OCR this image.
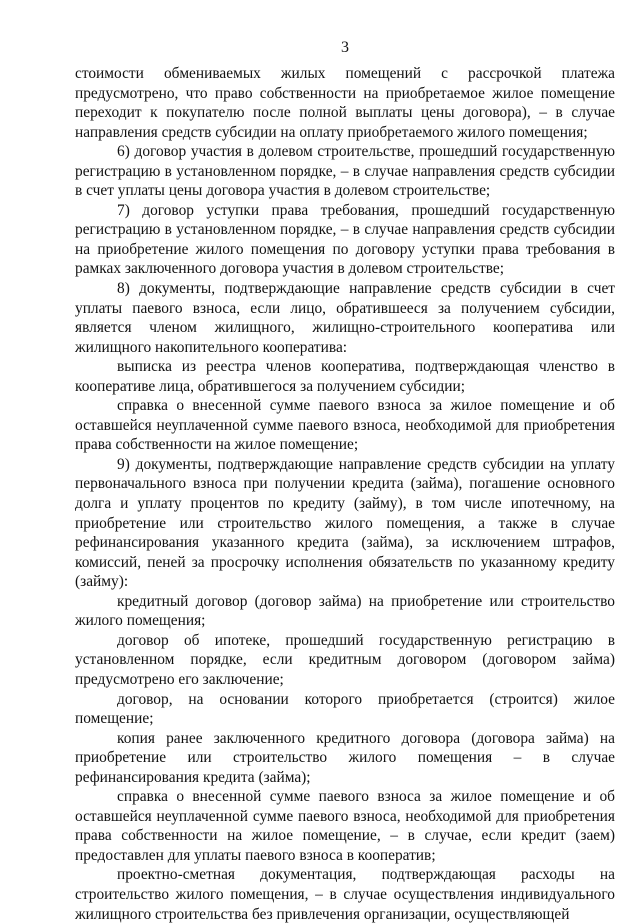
3

стоимости обмениваемых жилых помещений с рассрочкой платежа предусмотрено, что право собственности на приобретаемое жилое помещение переходит к покупателю после полной выплаты цены договора), – в случае направления средств субсидии на оплату приобретаемого жилого помещения;

6) договор участия в долевом строительстве, прошедший государственную регистрацию в установленном порядке, – в случае направления средств субсидии в счет уплаты цены договора участия в долевом строительстве;

7) договор уступки права требования, прошедший государственную регистрацию в установленном порядке, – в случае направления средств субсидии на приобретение жилого помещения по договору уступки права требования в рамках заключенного договора участия в долевом строительстве;

8) документы, подтверждающие направление средств субсидии в счет уплаты паевого взноса, если лицо, обратившееся за получением субсидии, является членом жилищного, жилищно-строительного кооператива или жилищного накопительного кооператива:

выписка из реестра членов кооператива, подтверждающая членство в кооперативе лица, обратившегося за получением субсидии;

справка о внесенной сумме паевого взноса за жилое помещение и об оставшейся неуплаченной сумме паевого взноса, необходимой для приобретения права собственности на жилое помещение;

9) документы, подтверждающие направление средств субсидии на уплату первоначального взноса при получении кредита (займа), погашение основного долга и уплату процентов по кредиту (займу), в том числе ипотечному, на приобретение или строительство жилого помещения, а также в случае рефинансирования указанного кредита (займа), за исключением штрафов, комиссий, пеней за просрочку исполнения обязательств по указанному кредиту (займу):

кредитный договор (договор займа) на приобретение или строительство жилого помещения;

договор об ипотеке, прошедший государственную регистрацию в установленном порядке, если кредитным договором (договором займа) предусмотрено его заключение;

договор, на основании которого приобретается (строится) жилое помещение;

копия ранее заключенного кредитного договора (договора займа) на приобретение или строительство жилого помещения – в случае рефинансирования кредита (займа);

справка о внесенной сумме паевого взноса за жилое помещение и об оставшейся неуплаченной сумме паевого взноса, необходимой для приобретения права собственности на жилое помещение, – в случае, если кредит (заем) предоставлен для уплаты паевого взноса в кооператив;

проектно-сметная документация, подтверждающая расходы на строительство жилого помещения, – в случае осуществления индивидуального жилищного строительства без привлечения организации, осуществляющей
